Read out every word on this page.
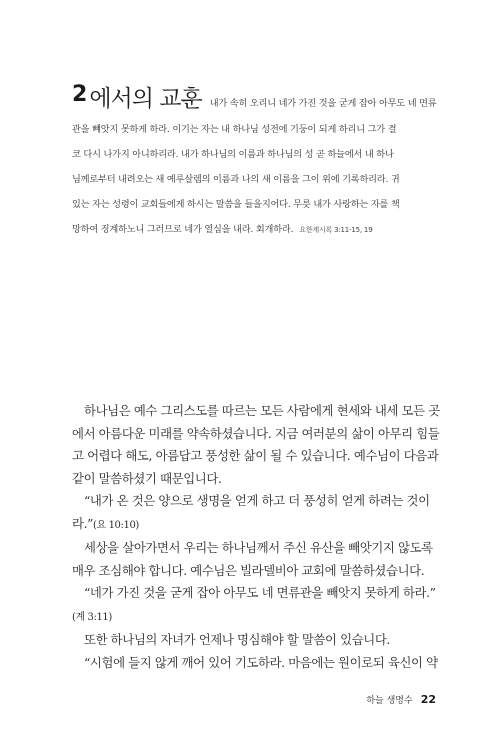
2에서의 교훈 내가 속히 오리니 네가 가진 것을 굳게 잡아 아무도 네 면류
관을 빼앗지 못하게 하라. 이기는 자는 내 하나님 성전에 기둥이 되게 하리니 그가 결
코 다시 나가지 아니하리라. 내가 하나님의 이름과 하나님의 성 곧 하늘에서 내 하나
님께로부터 내려오는 새 예루살렘의 이름과 나의 새 이름을 그이 위에 기록하리라. 귀
있는 자는 성령이 교회들에게 하시는 말씀을 들을지어다. 무릇 내가 사랑하는 자를 책
망하여 징계하노니 그러므로 네가 열심을 내라. 회개하라. 요한계시록 3:11-15, 19

하나님은 예수 그리스도를 따르는 모든 사람에게 현세와 내세 모든 곳에서 아름다운 미래를 약속하셨습니다. 지금 여러분의 삶이 아무리 힘들고 어렵다 해도, 아름답고 풍성한 삶이 될 수 있습니다. 예수님이 다음과 같이 말씀하셨기 때문입니다.

“내가 온 것은 양으로 생명을 얻게 하고 더 풍성히 얻게 하려는 것이라.”(요 10:10)

세상을 살아가면서 우리는 하나님께서 주신 유산을 빼앗기지 않도록 매우 조심해야 합니다. 예수님은 빌라델비아 교회에 말씀하셨습니다.

“네가 가진 것을 굳게 잡아 아무도 네 면류관을 빼앗지 못하게 하라.”

(계 3:11)

또한 하나님의 자녀가 언제나 명심해야 할 말씀이 있습니다.

“시험에 들지 않게 깨어 있어 기도하라. 마음에는 원이로되 육신이 약

하늘 생명수 22
